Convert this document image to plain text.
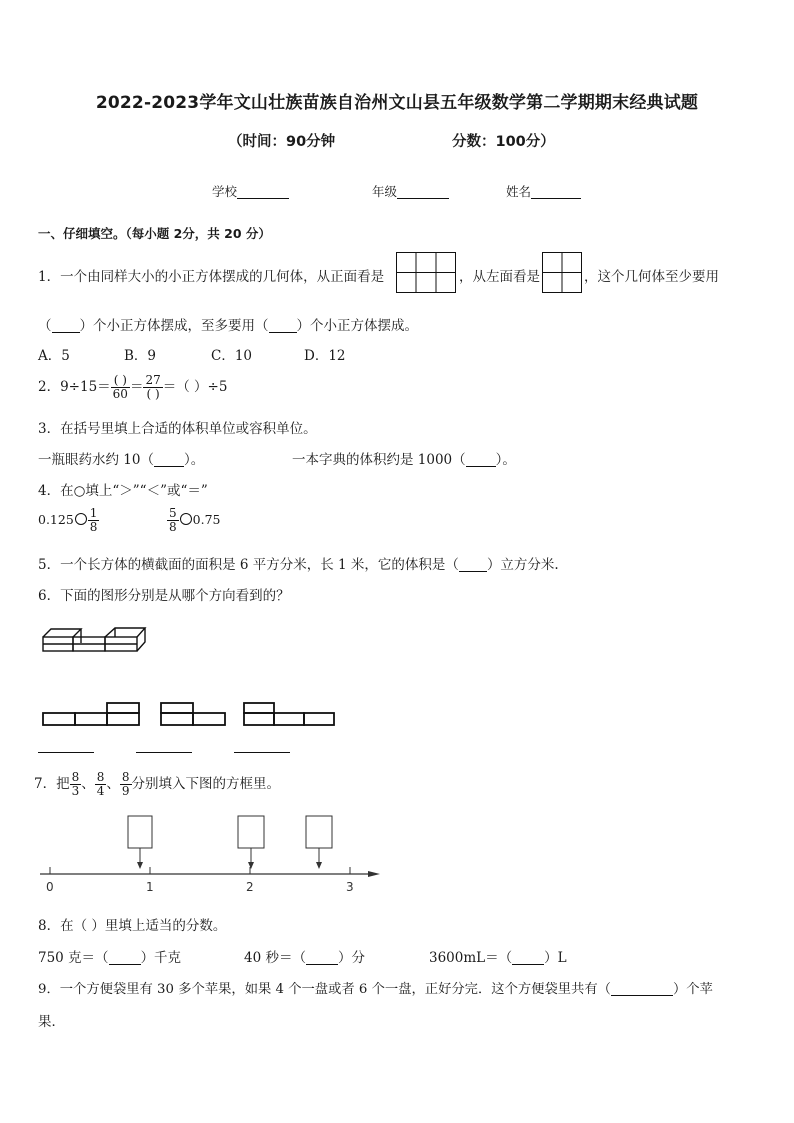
2022-2023学年文山壮族苗族自治州文山县五年级数学第二学期期末经典试题
（时间：90分钟	分数：100分）
学校	年级	姓名
一、仔细填空。（每小题 2分，共 20 分）
1．一个由同样大小的小正方体摆成的几何体，从正面看是	，从左面看是	，这个几何体至少要用
（ ）个小正方体摆成，至多要用（ ）个小正方体摆成。
A．5	B．9	C．10	D．12
2．$9\div 15= \frac{( )}{60} = \frac{27}{( )}$ ＝（ ）÷5
3．在括号里填上合适的体积单位或容积单位。
一瓶眼药水约 10（ ）。	一本字典的体积约是 1000（ ）。
4．在○填上“＞”“＜”或“＝”
$0.125 \frac{1}{8}$	$\frac{5}{8} 0.75$
5．一个长方体的横截面的面积是 6 平方分米，长 1 米，它的体积是（ ）立方分米.
6．下面的图形分别是从哪个方向看到的？
7．把 $\frac{8}{3}$ 、 $\frac{8}{4}$ 、 $\frac{8}{9}$ 分别填入下图的方框里。
0	1	2	3
8．在（ ）里填上适当的分数。
750 克＝（ ）千克	40 秒＝（ ）分	3600mL＝（ ）L
9．一个方便袋里有 30 多个苹果，如果 4 个一盘或者 6 个一盘，正好分完．这个方便袋里共有（	）个苹
果．
